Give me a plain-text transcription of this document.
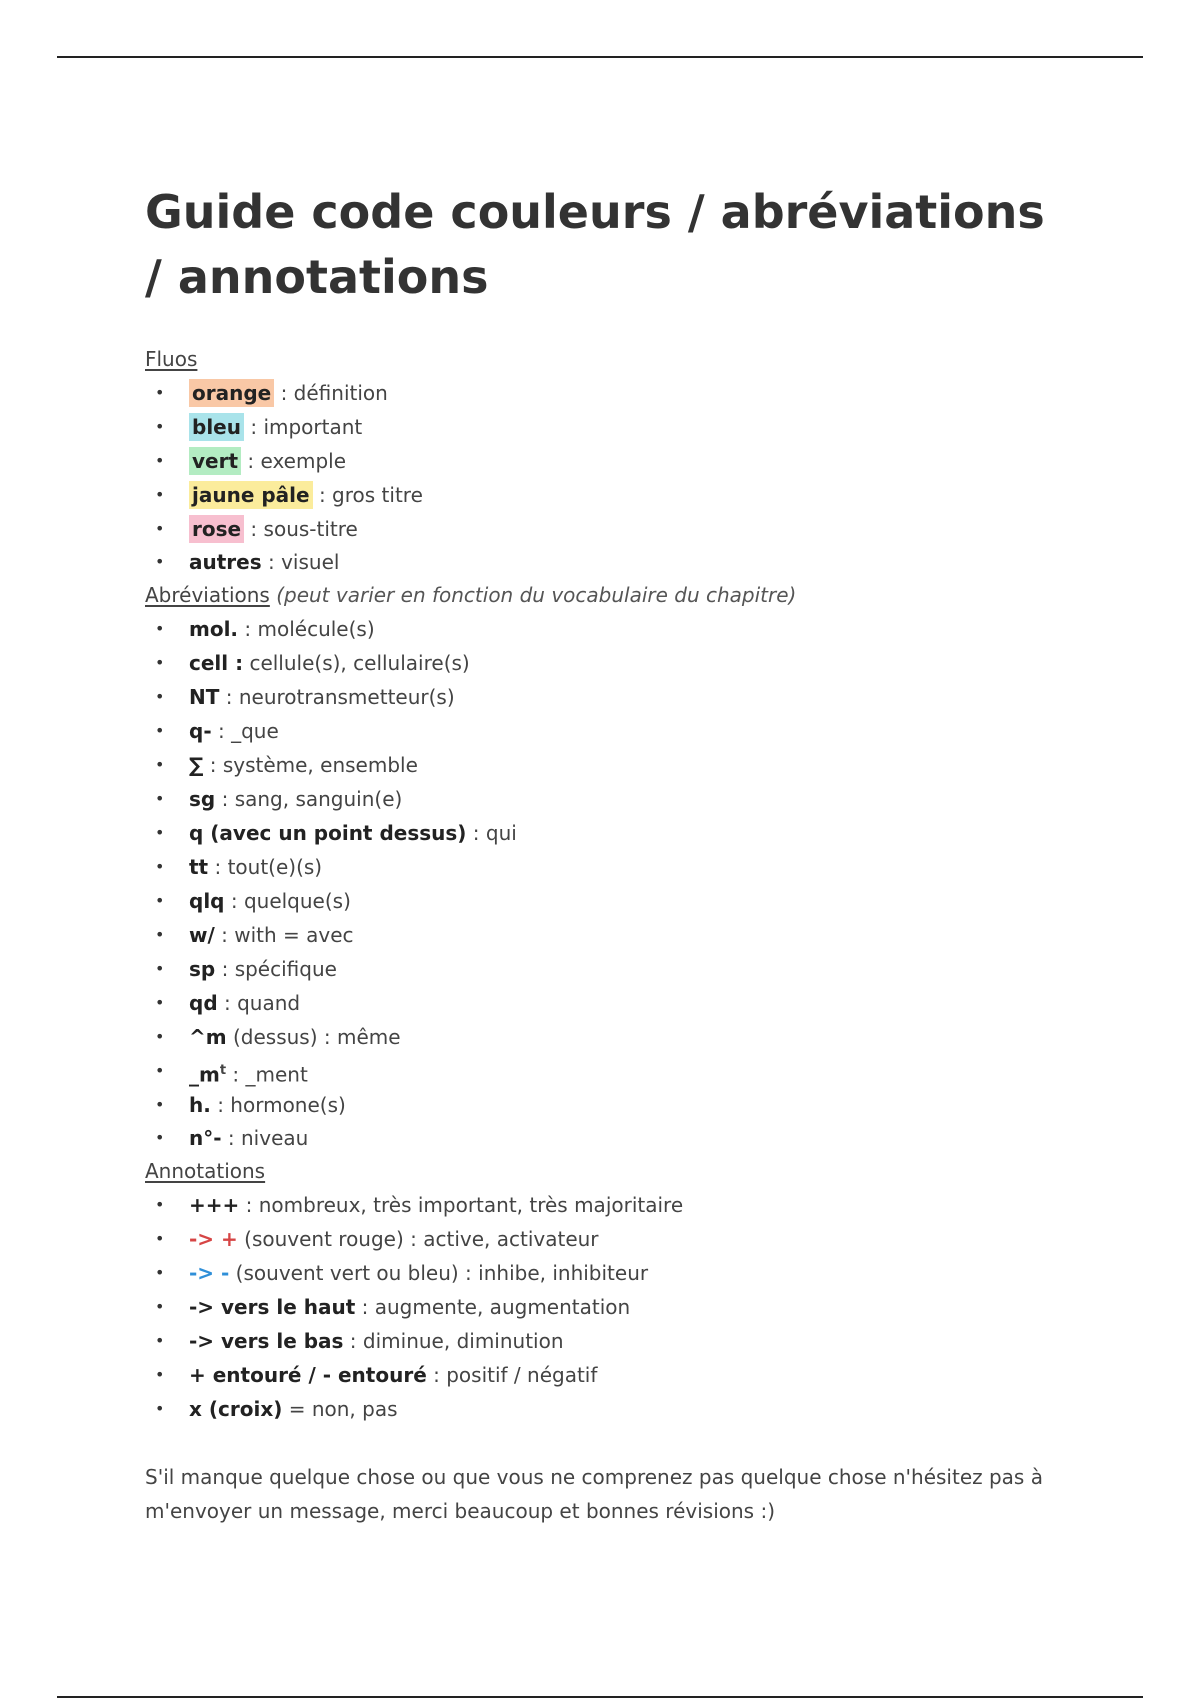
Guide code couleurs / abréviations / annotations
Fluos
• orange : définition
• bleu : important
• vert : exemple
• jaune pâle : gros titre
• rose : sous-titre
• autres : visuel
Abréviations (peut varier en fonction du vocabulaire du chapitre)
• mol. : molécule(s)
• cell : cellule(s), cellulaire(s)
• NT : neurotransmetteur(s)
• q- : _que
• ∑ : système, ensemble
• sg : sang, sanguin(e)
• q (avec un point dessus) : qui
• tt : tout(e)(s)
• qlq : quelque(s)
• w/ : with = avec
• sp : spécifique
• qd : quand
• ^m (dessus) : même
• $\_m^t$ : _ment
• h. : hormone(s)
• n°- : niveau
Annotations
• +++ : nombreux, très important, très majoritaire
• -> + (souvent rouge) : active, activateur
• -> - (souvent vert ou bleu) : inhibe, inhibiteur
• -> vers le haut : augmente, augmentation
• -> vers le bas : diminue, diminution
• + entouré / - entouré : positif / négatif
• x (croix) = non, pas

S'il manque quelque chose ou que vous ne comprenez pas quelque chose n'hésitez pas à m'envoyer un message, merci beaucoup et bonnes révisions :)
